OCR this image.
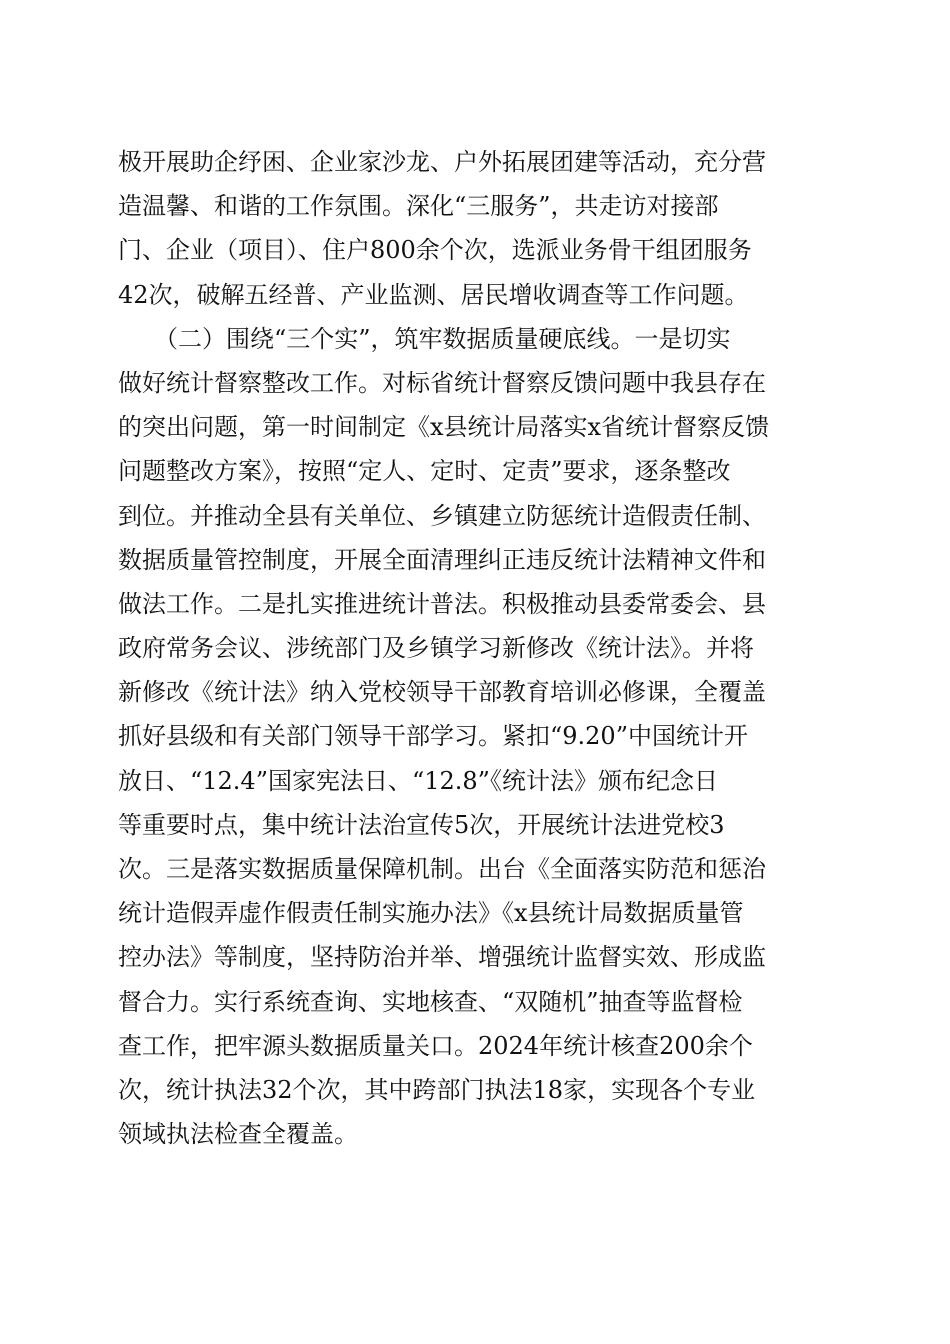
极开展助企纾困、企业家沙龙、户外拓展团建等活动，充分营
造温馨、和谐的工作氛围。深化“三服务”，共走访对接部
门、企业（项目）、住户800余个次，选派业务骨干组团服务
42次，破解五经普、产业监测、居民增收调查等工作问题。
　　（二）围绕“三个实”，筑牢数据质量硬底线。一是切实
做好统计督察整改工作。对标省统计督察反馈问题中我县存在
的突出问题，第一时间制定《x县统计局落实x省统计督察反馈
问题整改方案》，按照“定人、定时、定责”要求，逐条整改
到位。并推动全县有关单位、乡镇建立防惩统计造假责任制、
数据质量管控制度，开展全面清理纠正违反统计法精神文件和
做法工作。二是扎实推进统计普法。积极推动县委常委会、县
政府常务会议、涉统部门及乡镇学习新修改《统计法》。并将
新修改《统计法》纳入党校领导干部教育培训必修课，全覆盖
抓好县级和有关部门领导干部学习。紧扣“9.20”中国统计开
放日、“12.4”国家宪法日、“12.8”《统计法》颁布纪念日
等重要时点，集中统计法治宣传5次，开展统计法进党校3
次。三是落实数据质量保障机制。出台《全面落实防范和惩治
统计造假弄虚作假责任制实施办法》《x县统计局数据质量管
控办法》等制度，坚持防治并举、增强统计监督实效、形成监
督合力。实行系统查询、实地核查、“双随机”抽查等监督检
查工作，把牢源头数据质量关口。2024年统计核查200余个
次，统计执法32个次，其中跨部门执法18家，实现各个专业
领域执法检查全覆盖。
